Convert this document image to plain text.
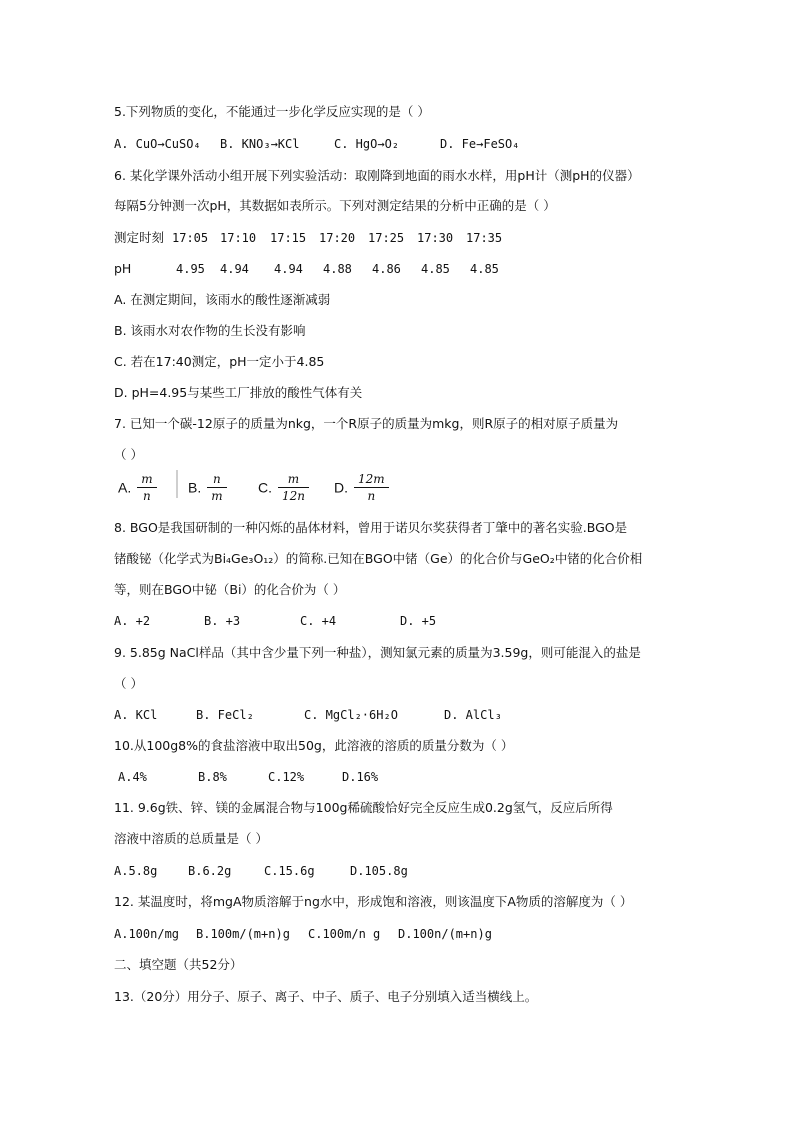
5.下列物质的变化，不能通过一步化学反应实现的是（ ）
A. CuO→CuSO₄ B. KNO₃→KCl	C. HgO→O₂	D. Fe→FeSO₄
6. 某化学课外活动小组开展下列实验活动：取刚降到地面的雨水水样，用pH计（测pH的仪器）
每隔5分钟测一次pH，其数据如表所示。下列对测定结果的分析中正确的是（ ）
测定时刻 17:05 17:10 17:15 17:20 17:25 17:30 17:35
pH	4.95 4.94 4.94 4.88 4.86 4.85 4.85
A. 在测定期间，该雨水的酸性逐渐减弱
B. 该雨水对农作物的生长没有影响
C. 若在17:40测定，pH一定小于4.85
D. pH=4.95与某些工厂排放的酸性气体有关
7. 已知一个碳-12原子的质量为nkg，一个R原子的质量为mkg，则R原子的相对原子质量为
（ ）
A. $\frac{m}{n} B$. $\frac{n}{m} C$. $\frac{m}{12n} D$. $\frac{12m}{n}$
8. BGO是我国研制的一种闪烁的晶体材料，曾用于诺贝尔奖获得者丁肇中的著名实验.BGO是
锗酸铋（化学式为Bi₄Ge₃O₁₂）的简称.已知在BGO中锗（Ge）的化合价与GeO₂中锗的化合价相
等，则在BGO中铋（Bi）的化合价为（ ）
A. +2	B. +3	C. +4	D. +5
9. 5.85g NaCl样品（其中含少量下列一种盐），测知氯元素的质量为3.59g，则可能混入的盐是
（ ）
A. KCl	B. FeCl₂	C. MgCl₂·6H₂O	D. AlCl₃
10.从100g8%的食盐溶液中取出50g，此溶液的溶质的质量分数为（ ）
A.4%	B.8%	C.12%	D.16%
11. 9.6g铁、锌、镁的金属混合物与100g稀硫酸恰好完全反应生成0.2g氢气，反应后所得
溶液中溶质的总质量是（ ）
A.5.8g	B.6.2g	C.15.6g	D.105.8g
12. 某温度时，将mgA物质溶解于ng水中，形成饱和溶液，则该温度下A物质的溶解度为（ ）
A.100n/mg B.100m/(m+n)g C.100m/n g D.100n/(m+n)g
二、填空题（共52分）
13.（20分）用分子、原子、离子、中子、质子、电子分别填入适当横线上。
